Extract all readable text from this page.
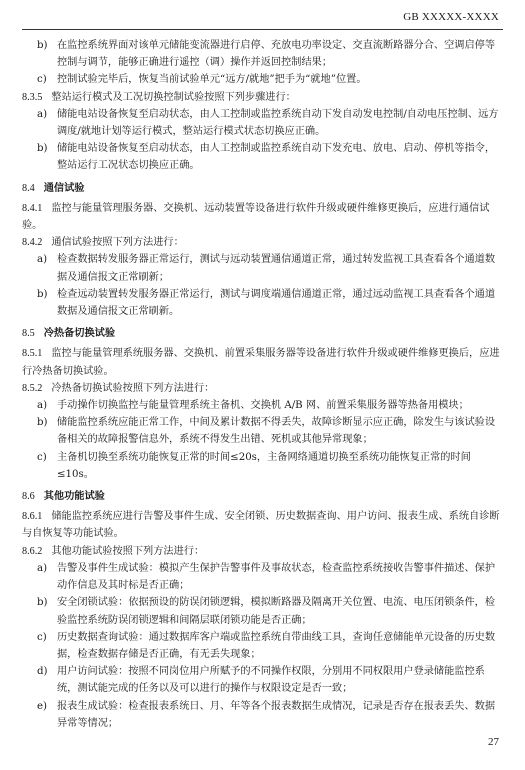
GB XXXXX-XXXX
b) 在监控系统界面对该单元储能变流器进行启停、充放电功率设定、交直流断路器分合、空调启停等控制与调节，能够正确进行遥控（调）操作并返回控制结果；
c)	控制试验完毕后，恢复当前试验单元“远方/就地”把手为“就地”位置。
8.3.5 整站运行模式及工况切换控制试验按照下列步骤进行：
a) 储能电站设备恢复至启动状态，由人工控制或监控系统自动下发自动发电控制/自动电压控制、远方调度/就地计划等运行模式，整站运行模式状态切换应正确。
b) 储能电站设备恢复至启动状态，由人工控制或监控系统自动下发充电、放电、启动、停机等指令，整站运行工况状态切换应正确。
8.4 通信试验
8.4.1 监控与能量管理服务器、交换机、远动装置等设备进行软件升级或硬件维修更换后，应进行通信试验。
8.4.2 通信试验按照下列方法进行：
a) 检查数据转发服务器正常运行，测试与远动装置通信通道正常，通过转发监视工具查看各个通道数据及通信报文正常刷新；
b) 检查远动装置转发服务器正常运行，测试与调度端通信通道正常，通过远动监视工具查看各个通道数据及通信报文正常刷新。
8.5 冷热备切换试验
8.5.1 监控与能量管理系统服务器、交换机、前置采集服务器等设备进行软件升级或硬件维修更换后，应进行冷热备切换试验。
8.5.2 冷热备切换试验按照下列方法进行：
a) 手动操作切换监控与能量管理系统主备机、交换机 A/B 网、前置采集服务器等热备用模块；
b) 储能监控系统应能正常工作，中间及累计数据不得丢失，故障诊断显示应正确，除发生与该试验设备相关的故障报警信息外，系统不得发生出错、死机或其他异常现象；
c)	主备机切换至系统功能恢复正常的时间≤20s，主备网络通道切换至系统功能恢复正常的时间≤10s。
8.6 其他功能试验
8.6.1 储能监控系统应进行告警及事件生成、安全闭锁、历史数据查询、用户访问、报表生成、系统自诊断与自恢复等功能试验。
8.6.2 其他功能试验按照下列方法进行：
a) 告警及事件生成试验：模拟产生保护告警事件及事故状态，检查监控系统接收告警事件描述、保护动作信息及其时标是否正确；
b) 安全闭锁试验：依据预设的防误闭锁逻辑，模拟断路器及隔离开关位置、电流、电压闭锁条件，检验监控系统防误闭锁逻辑和间隔层联闭锁功能是否正确；
c)	历史数据查询试验：通过数据库客户端或监控系统自带曲线工具，查询任意储能单元设备的历史数据，检查数据存储是否正确，有无丢失现象；
d) 用户访问试验：按照不同岗位用户所赋予的不同操作权限，分别用不同权限用户登录储能监控系统，测试能完成的任务以及可以进行的操作与权限设定是否一致；
e) 报表生成试验：检查报表系统日、月、年等各个报表数据生成情况，记录是否存在报表丢失、数据异常等情况；
27
